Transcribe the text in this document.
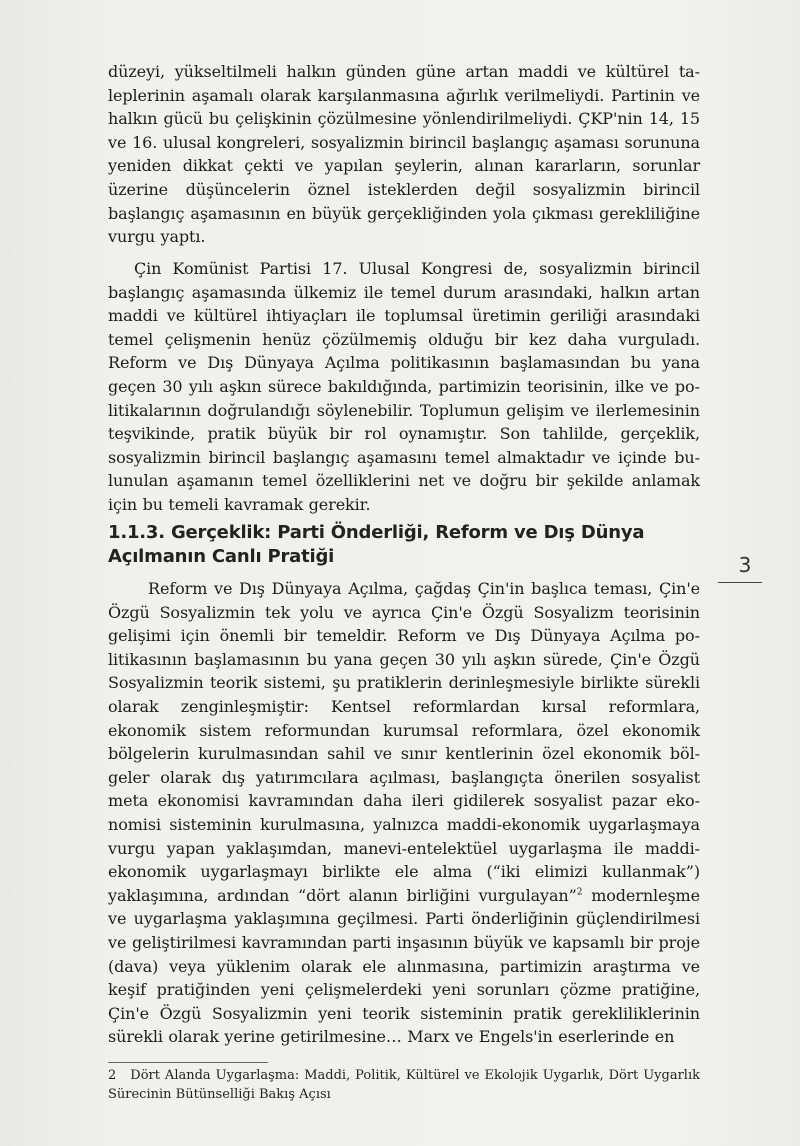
düzeyi, yükseltilmeli halkın günden güne artan maddi ve kültürel taleplerinin aşamalı olarak karşılanmasına ağırlık verilmeliydi. Partinin ve halkın gücü bu çelişkinin çözülmesine yönlendirilmeliydi. ÇKP'nin 14, 15 ve 16. ulusal kongreleri, sosyalizmin birincil başlangıç aşaması sorununa yeniden dikkat çekti ve yapılan şeylerin, alınan kararların, sorunlar üzerine düşüncelerin öznel isteklerden değil sosyalizmin birincil başlangıç aşamasının en büyük gerçekliğinden yola çıkması gerekliliğine vurgu yaptı.
Çin Komünist Partisi 17. Ulusal Kongresi de, sosyalizmin birincil başlangıç aşamasında ülkemiz ile temel durum arasındaki, halkın artan maddi ve kültürel ihtiyaçları ile toplumsal üretimin geriliği arasındaki temel çelişmenin henüz çözülmemiş olduğu bir kez daha vurguladı. Reform ve Dış Dünyaya Açılma politikasının başlamasından bu yana geçen 30 yılı aşkın sürece bakıldığında, partimizin teorisinin, ilke ve politikalarının doğrulandığı söylenebilir. Toplumun gelişim ve ilerlemesinin teşvikinde, pratik büyük bir rol oynamıştır. Son tahlilde, gerçeklik, sosyalizmin birincil başlangıç aşamasını temel almaktadır ve içinde bulunulan aşamanın temel özelliklerini net ve doğru bir şekilde anlamak için bu temeli kavramak gerekir.
1.1.3. Gerçeklik: Parti Önderliği, Reform ve Dış Dünya Açılmanın Canlı Pratiği	3
Reform ve Dış Dünyaya Açılma, çağdaş Çin'in başlıca teması, Çin'e Özgü Sosyalizmin tek yolu ve ayrıca Çin'e Özgü Sosyalizm teorisinin gelişimi için önemli bir temeldir. Reform ve Dış Dünyaya Açılma politikasının başlamasının bu yana geçen 30 yılı aşkın sürede, Çin'e Özgü Sosyalizmin teorik sistemi, şu pratiklerin derinleşmesiyle birlikte sürekli olarak zenginleşmiştir: Kentsel reformlardan kırsal reformlara, ekonomik sistem reformundan kurumsal reformlara, özel ekonomik bölgelerin kurulmasından sahil ve sınır kentlerinin özel ekonomik bölgeler olarak dış yatırımcılara açılması, başlangıçta önerilen sosyalist meta ekonomisi kavramından daha ileri gidilerek sosyalist pazar ekonomisi sisteminin kurulmasına, yalnızca maddi-ekonomik uygarlaşmaya vurgu yapan yaklaşımdan, manevi-entelektüel uygarlaşma ile maddi-ekonomik uygarlaşmayı birlikte ele alma (“iki elimizi kullanmak”) yaklaşımına, ardından “dört alanın birliğini vurgulayan”$^2$ modernleşme ve uygarlaşma yaklaşımına geçilmesi. Parti önderliğinin güçlendirilmesi ve geliştirilmesi kavramından parti inşasının büyük ve kapsamlı bir proje (dava) veya yüklenim olarak ele alınmasına, partimizin araştırma ve keşif pratiğinden yeni çelişmelerdeki yeni sorunları çözme pratiğine, Çin'e Özgü Sosyalizmin yeni teorik sisteminin pratik gerekliliklerinin sürekli olarak yerine getirilmesine… Marx ve Engels'in eserlerinde en
2 Dört Alanda Uygarlaşma: Maddi, Politik, Kültürel ve Ekolojik Uygarlık, Dört Uygarlık Sürecinin Bütünselliği Bakış Açısı
